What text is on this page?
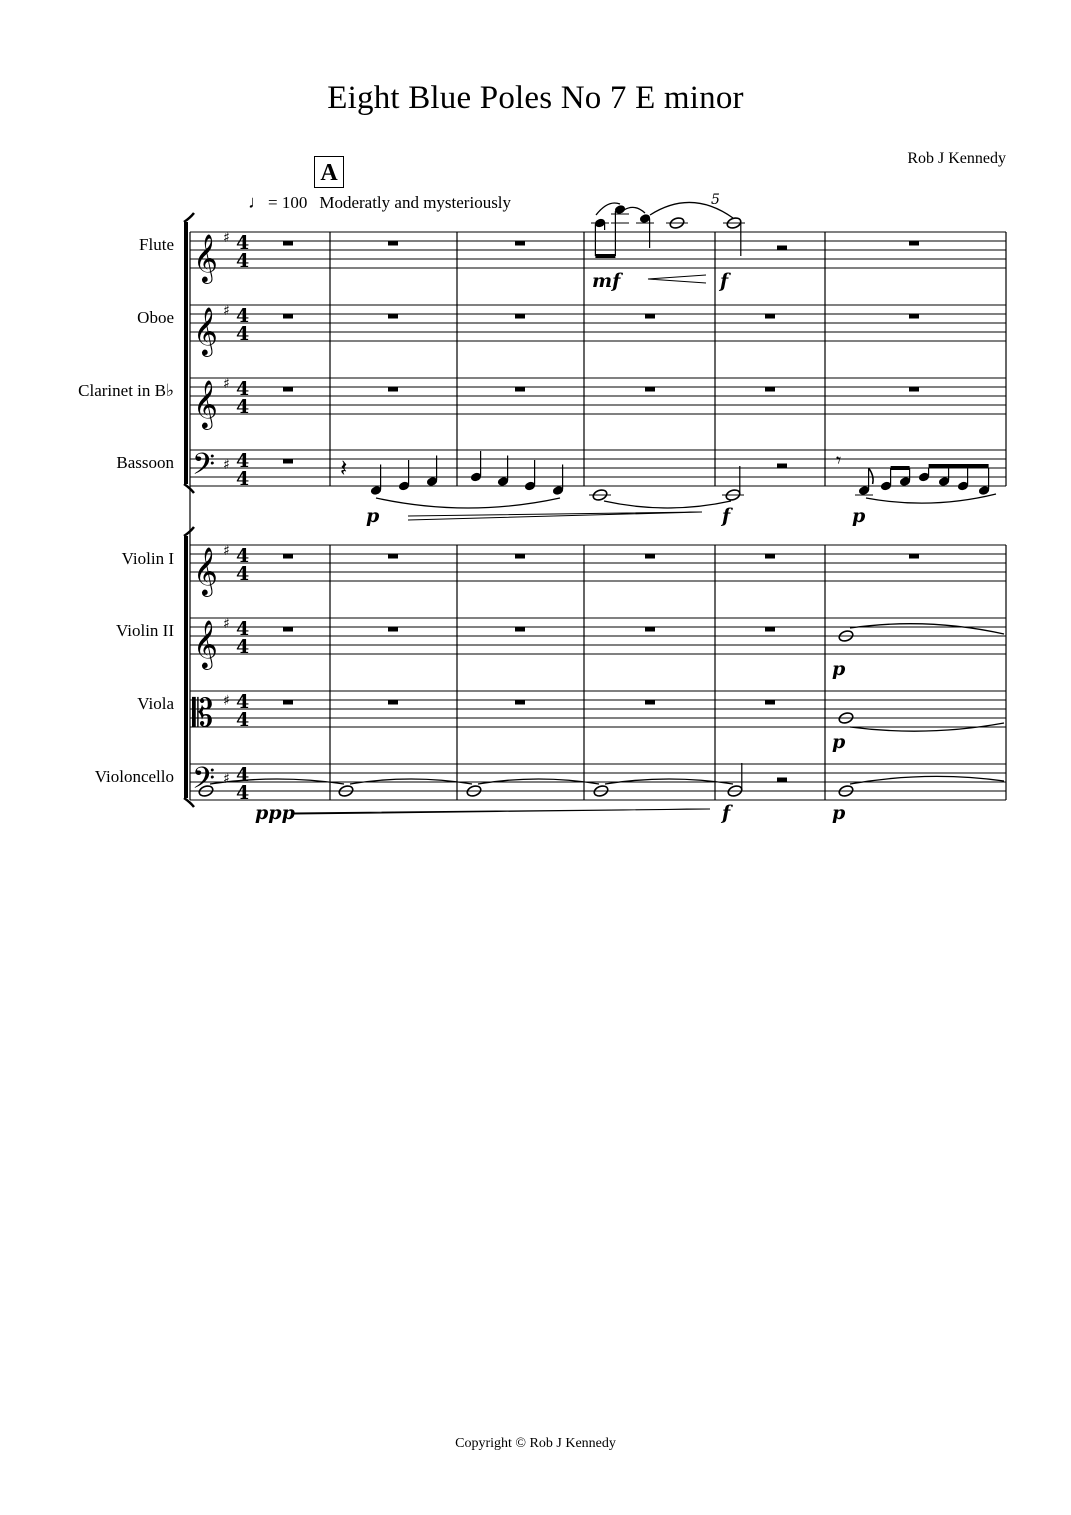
Eight Blue Poles No 7 E minor
Rob J Kennedy
A
♩ = 100 Moderatly and mysteriously
Flute
Oboe
Clarinet in B♭
Bassoon
Violin I
Violin II
Viola
Violoncello
𝄞 ♯ 4
4
𝄞 ♯ 4
4
𝄞 ♯ 4
4
𝄢 ♯ 4
4
𝄞 ♯ 4
4
𝄞 ♯ 4
4
𝄡 ♯ 4
4
𝄢 ♯ 4
4
5
mf	f
𝄽	𝄾
p	f	p
p
p
ppp	f	p
Copyright © Rob J Kennedy
